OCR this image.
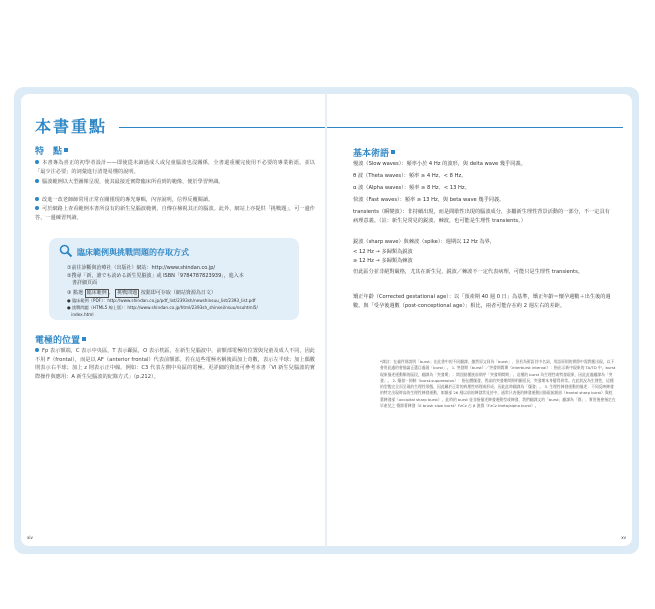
本書重點
特　點
本書專為喜正的初學者設計——即使從未讀過成人或兒童腦波也沒關係，全書還重覆完使用不必要的專業術語，並以「最少注必要」的詞彙進行清楚易懂的說明。
腦波範例以大型圖像呈現，使其最接近實際臨床所看到的範像，便於學習辨識。
改進一改老師師常用正常在關僅現的專光專輯，內容說明，信得反覆閱讀。
可於網路上查看範例本書所沒有的新生兒腦波範例，自傳在檢視其正的腦波。此外，網站上亦提供「挑戰題」，可一邊作答，一邊練習判讀。
臨床範例與挑戰問題的存取方式
①前往診斷與治療社（出版社）網站：http://www.shindan.co.jp/
②搜尋「新，誰でも読める新生児脳波」或 ISBN「9784787823939」，進入本
　書詳細頁面
③ 點選 臨床範例 、 挑戰問題 按鈕即可存取（網站資源為日文）
● 臨床範例（PDF）：http://www.shindan.co.jp/pdf_list/2393sh/newshinsuu_list/2393_list.pdf
● 挑戰問題（HTML5 線上版）：http://www.shindan.co.jp/html/2393sh_shinsei/nsuu/nsuhtml5/
　index.html
電極的位置
Fp 表示額端，C 表示中央區，T 表示顳區，O 表示枕區，在新生兒腦波中，前額部電極的位置與兒童及成人不同，因此不用 F（frontal），而是以 AF（anterior frontal）代表前額部。若在這些電極名稱後面加上奇數，表示左半球；加上偶數則表示右半球；加上 z 則表示正中線。例如：C3 代表左側中央區的電極。更詳細的資訊可參考本書「VI 新生兒腦波的實際操作與應用：A 新生兒腦波的紀錄方式」（p.212）。
xiv
基本術語
慢波（Slow waves）：頻率小於 4 Hz 的波形，與 delta wave 幾乎同義。
θ 波（Theta waves）：頻率 ≥ 4 Hz、< 8 Hz。
α 波（Alpha waves）：頻率 ≥ 8 Hz、< 13 Hz。
快波（Fast waves）：頻率 ≥ 13 Hz，與 beta wave 幾乎同義。
transients（瞬變波）：非持續出現，而是間歇性出現的腦波成分，多屬新生理性背景活動的一部分，不一定具有病理意義。（註：新生兒常見的鋭波、棘波，也可能是生理性 transients。）
鋭波（sharp wave）與棘波（spike）：週期以 12 Hz 為界，
< 12 Hz → 多歸類為鋭波
≥ 12 Hz → 多歸類為棘波
但此區分並非絕對嚴格，尤其在新生兒，鋭波／棘波不一定代表病理，可能只是生理性 transients。
矯正年齡（Corrected gestational age）：以「預產期 40 週 0 日」為基準，矯正年齡＝懷孕週數＋出生後的週數。與「受孕後週數（post-conceptional age）」相比，兩者可能存在約 2 週左右的差距。
*譯註：在義件則說明「burst」在此書中的不同翻譯，雖然原文同為「burst」，但若為術語其中名詞，用語原則的實際中需對應出現，以下會用此處的會描論正選目處現「burst」。 1. 突發期（burst）／突發期間期（interburst interval）：指出示新中現象的 TA/TD 中，burst 現象描述運動類的區段，翻譯為「突發期」；間回點種族前期序「突發期間期」。這種的 burst 為生理性或特發現象，因此此處翻譯為「突發」。 2. 爆發－抑制（burst-suppression）：指伝體爆發，普高的突發期間期明顯延長，突發期本身變得異常。在此狀況為生理性，這種的型態完全而呈現的生理性形態，因此屬於正常的病理性病理或形成，因此此時翻譯為「爆發」。 3. 生理性陣發運動的描述：不同反映陣發的特定出現時高的生理性陣發運動，如額部 26 週以前的陣發常見於中，通常只表後的陣發運動出描現前額部（frontal sharp burst）與枕葉陣發部（occipital sharp burst），此時的 burst 並非指描述陣發運動型或陣發，我們翻譯文的「burst」翻譯為「群」，實用後會指定在早產兒之 慢節著陣發（δ brush slow burst）FzCz 占 β 波群（FzCz theta/alpha burst）。
xv
